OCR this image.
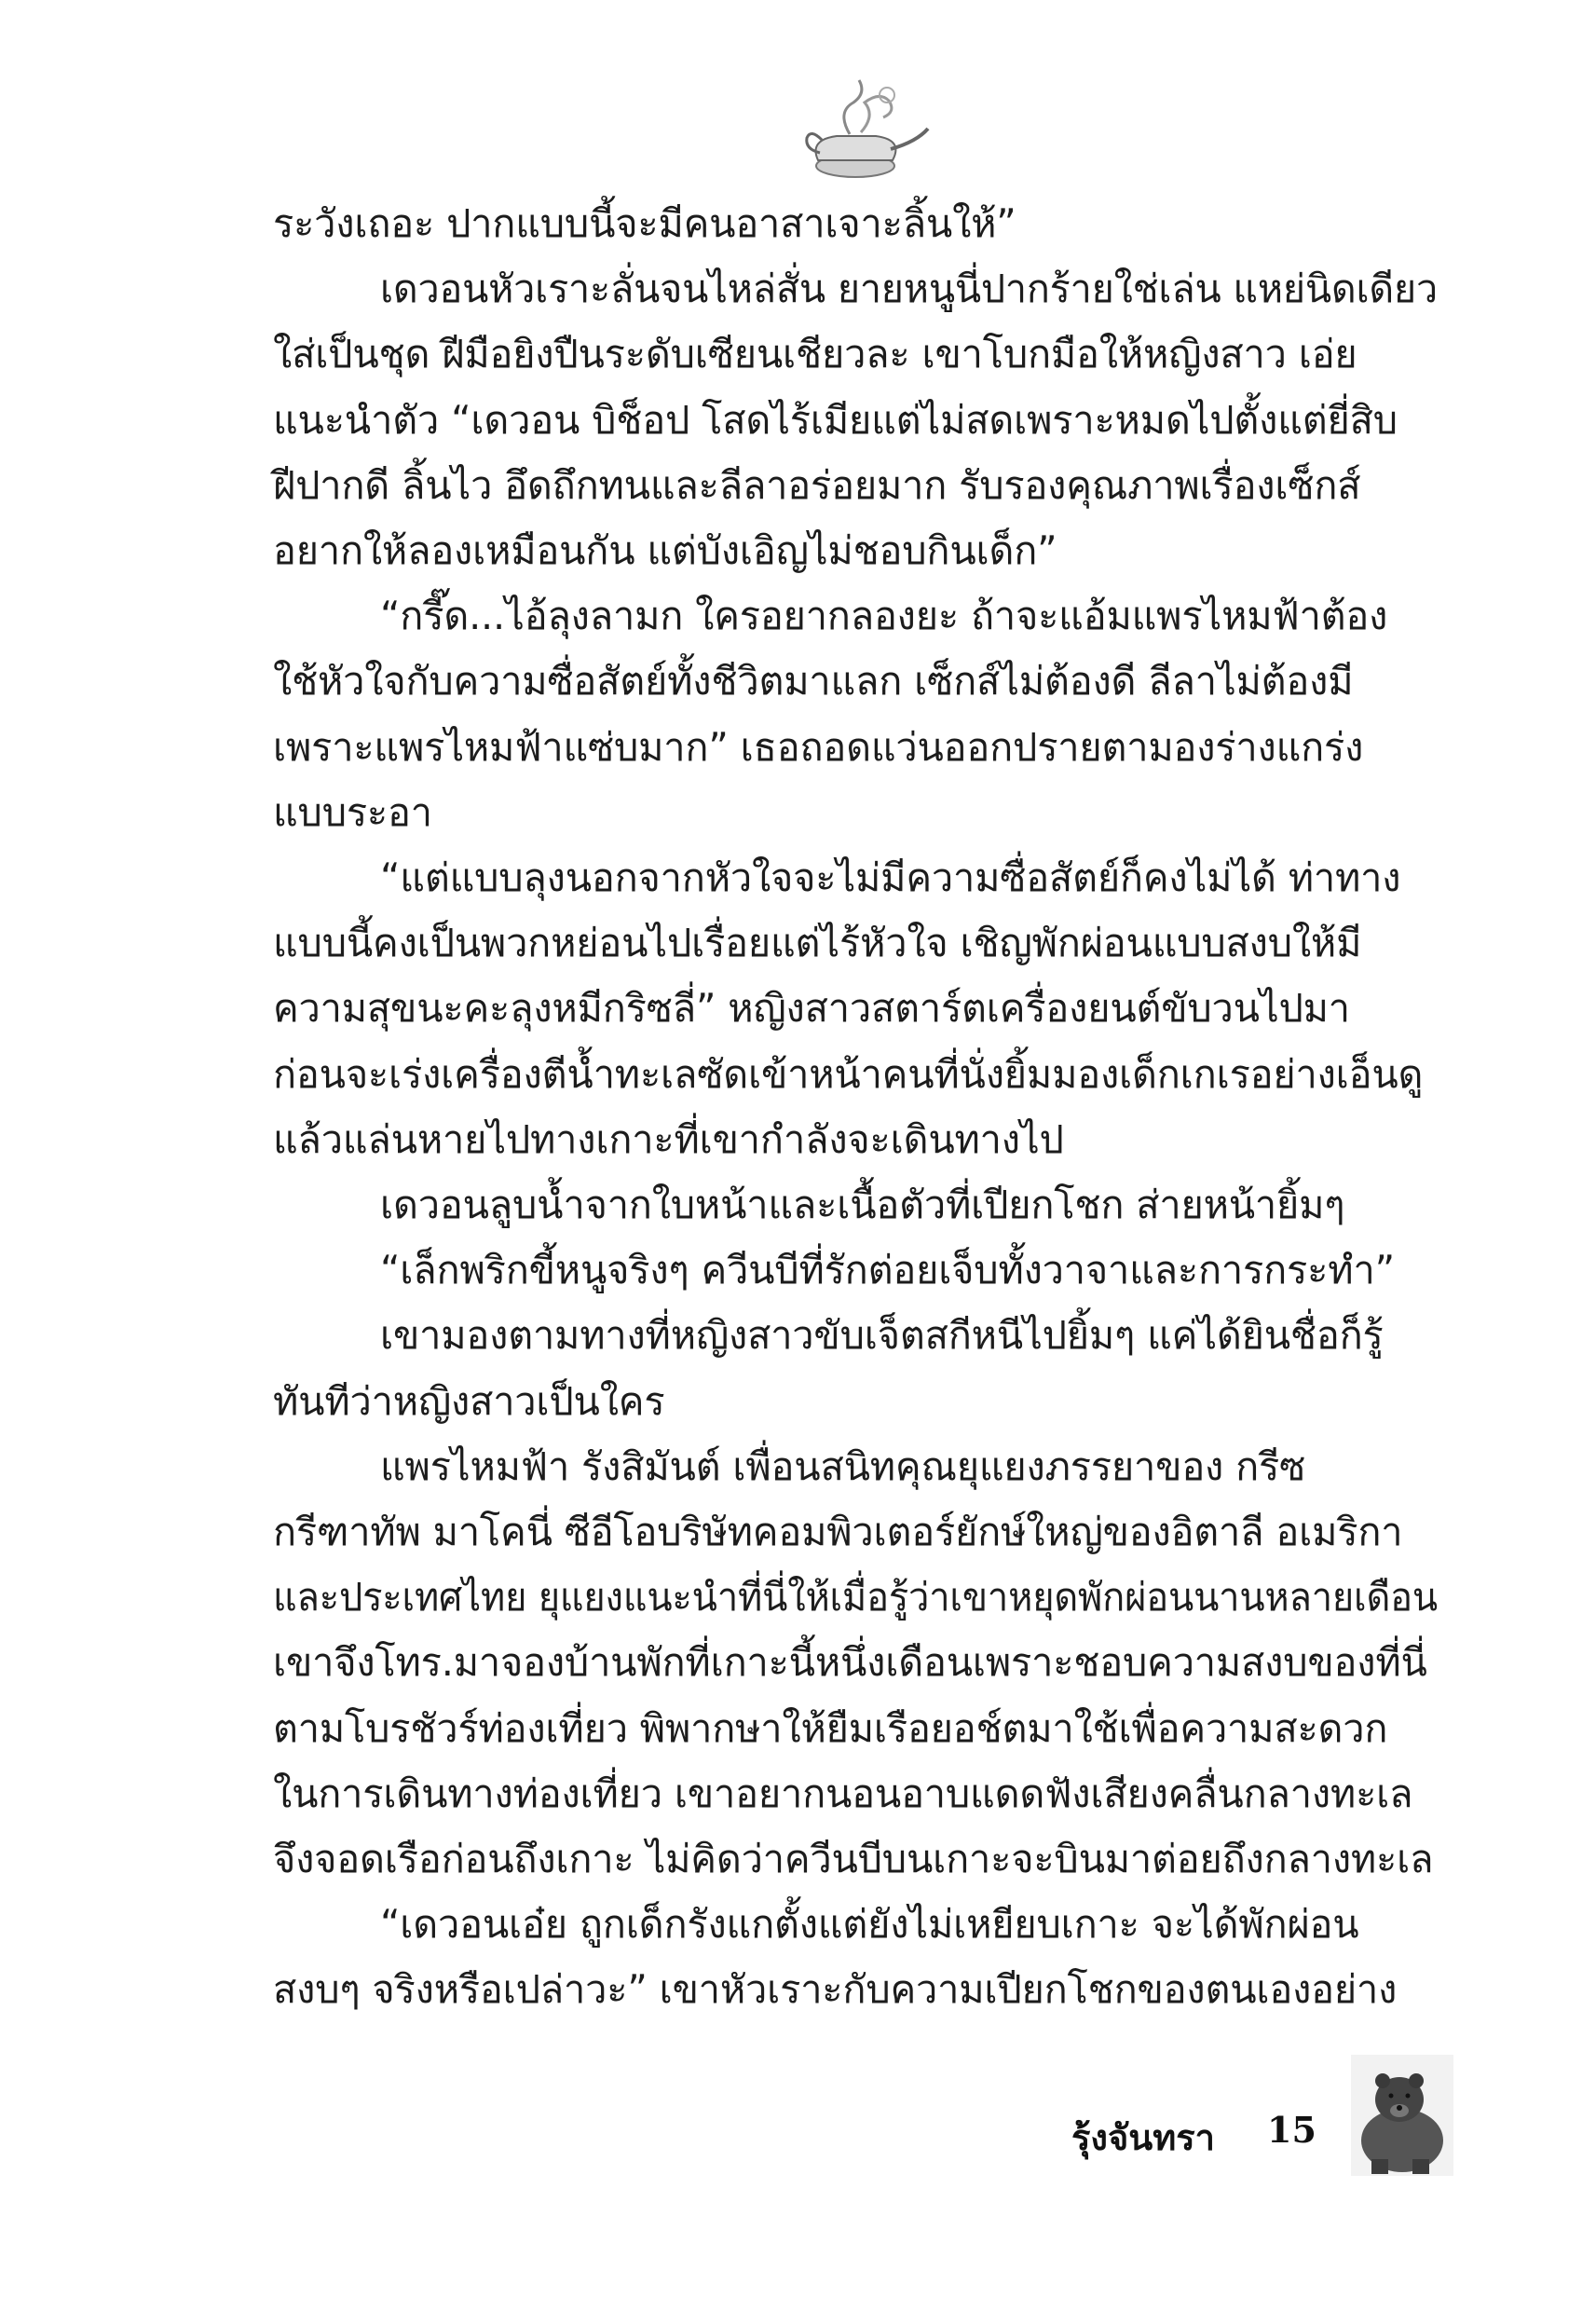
ระวังเถอะ ปากแบบนี้จะมีคนอาสาเจาะลิ้นให้”
เดวอนหัวเราะลั่นจนไหล่สั่น ยายหนูนี่ปากร้ายใช่เล่น แหย่นิดเดียว
ใส่เป็นชุด ฝีมือยิงปืนระดับเซียนเชียวละ เขาโบกมือให้หญิงสาว เอ่ย
แนะนำตัว “เดวอน บิช็อป โสดไร้เมียแต่ไม่สดเพราะหมดไปตั้งแต่ยี่สิบ
ฝีปากดี ลิ้นไว อึดถึกทนและลีลาอร่อยมาก รับรองคุณภาพเรื่องเซ็กส์
อยากให้ลองเหมือนกัน แต่บังเอิญไม่ชอบกินเด็ก”
“กรี๊ด...ไอ้ลุงลามก ใครอยากลองยะ ถ้าจะแอ้มแพรไหมฟ้าต้อง
ใช้หัวใจกับความซื่อสัตย์ทั้งชีวิตมาแลก เซ็กส์ไม่ต้องดี ลีลาไม่ต้องมี
เพราะแพรไหมฟ้าแซ่บมาก” เธอถอดแว่นออกปรายตามองร่างแกร่ง
แบบระอา
“แต่แบบลุงนอกจากหัวใจจะไม่มีความซื่อสัตย์ก็คงไม่ได้ ท่าทาง
แบบนี้คงเป็นพวกหย่อนไปเรื่อยแต่ไร้หัวใจ เชิญพักผ่อนแบบสงบให้มี
ความสุขนะคะลุงหมีกริซลี่” หญิงสาวสตาร์ตเครื่องยนต์ขับวนไปมา
ก่อนจะเร่งเครื่องตีน้ำทะเลซัดเข้าหน้าคนที่นั่งยิ้มมองเด็กเกเรอย่างเอ็นดู
แล้วแล่นหายไปทางเกาะที่เขากำลังจะเดินทางไป
เดวอนลูบน้ำจากใบหน้าและเนื้อตัวที่เปียกโชก ส่ายหน้ายิ้มๆ
“เล็กพริกขี้หนูจริงๆ ควีนบีที่รักต่อยเจ็บทั้งวาจาและการกระทำ”
เขามองตามทางที่หญิงสาวขับเจ็ตสกีหนีไปยิ้มๆ แค่ได้ยินชื่อก็รู้
ทันทีว่าหญิงสาวเป็นใคร
แพรไหมฟ้า รังสิมันต์ เพื่อนสนิทคุณยุแยงภรรยาของ กรีซ
กรีฑาทัพ มาโคนี่ ซีอีโอบริษัทคอมพิวเตอร์ยักษ์ใหญ่ของอิตาลี อเมริกา
และประเทศไทย ยุแยงแนะนำที่นี่ให้เมื่อรู้ว่าเขาหยุดพักผ่อนนานหลายเดือน
เขาจึงโทร.มาจองบ้านพักที่เกาะนี้หนึ่งเดือนเพราะชอบความสงบของที่นี่
ตามโบรชัวร์ท่องเที่ยว พิพากษาให้ยืมเรือยอช์ตมาใช้เพื่อความสะดวก
ในการเดินทางท่องเที่ยว เขาอยากนอนอาบแดดฟังเสียงคลื่นกลางทะเล
จึงจอดเรือก่อนถึงเกาะ ไม่คิดว่าควีนบีบนเกาะจะบินมาต่อยถึงกลางทะเล
“เดวอนเอ๋ย ถูกเด็กรังแกตั้งแต่ยังไม่เหยียบเกาะ จะได้พักผ่อน
สงบๆ จริงหรือเปล่าวะ” เขาหัวเราะกับความเปียกโชกของตนเองอย่าง
รุ้งจันทรา 15
